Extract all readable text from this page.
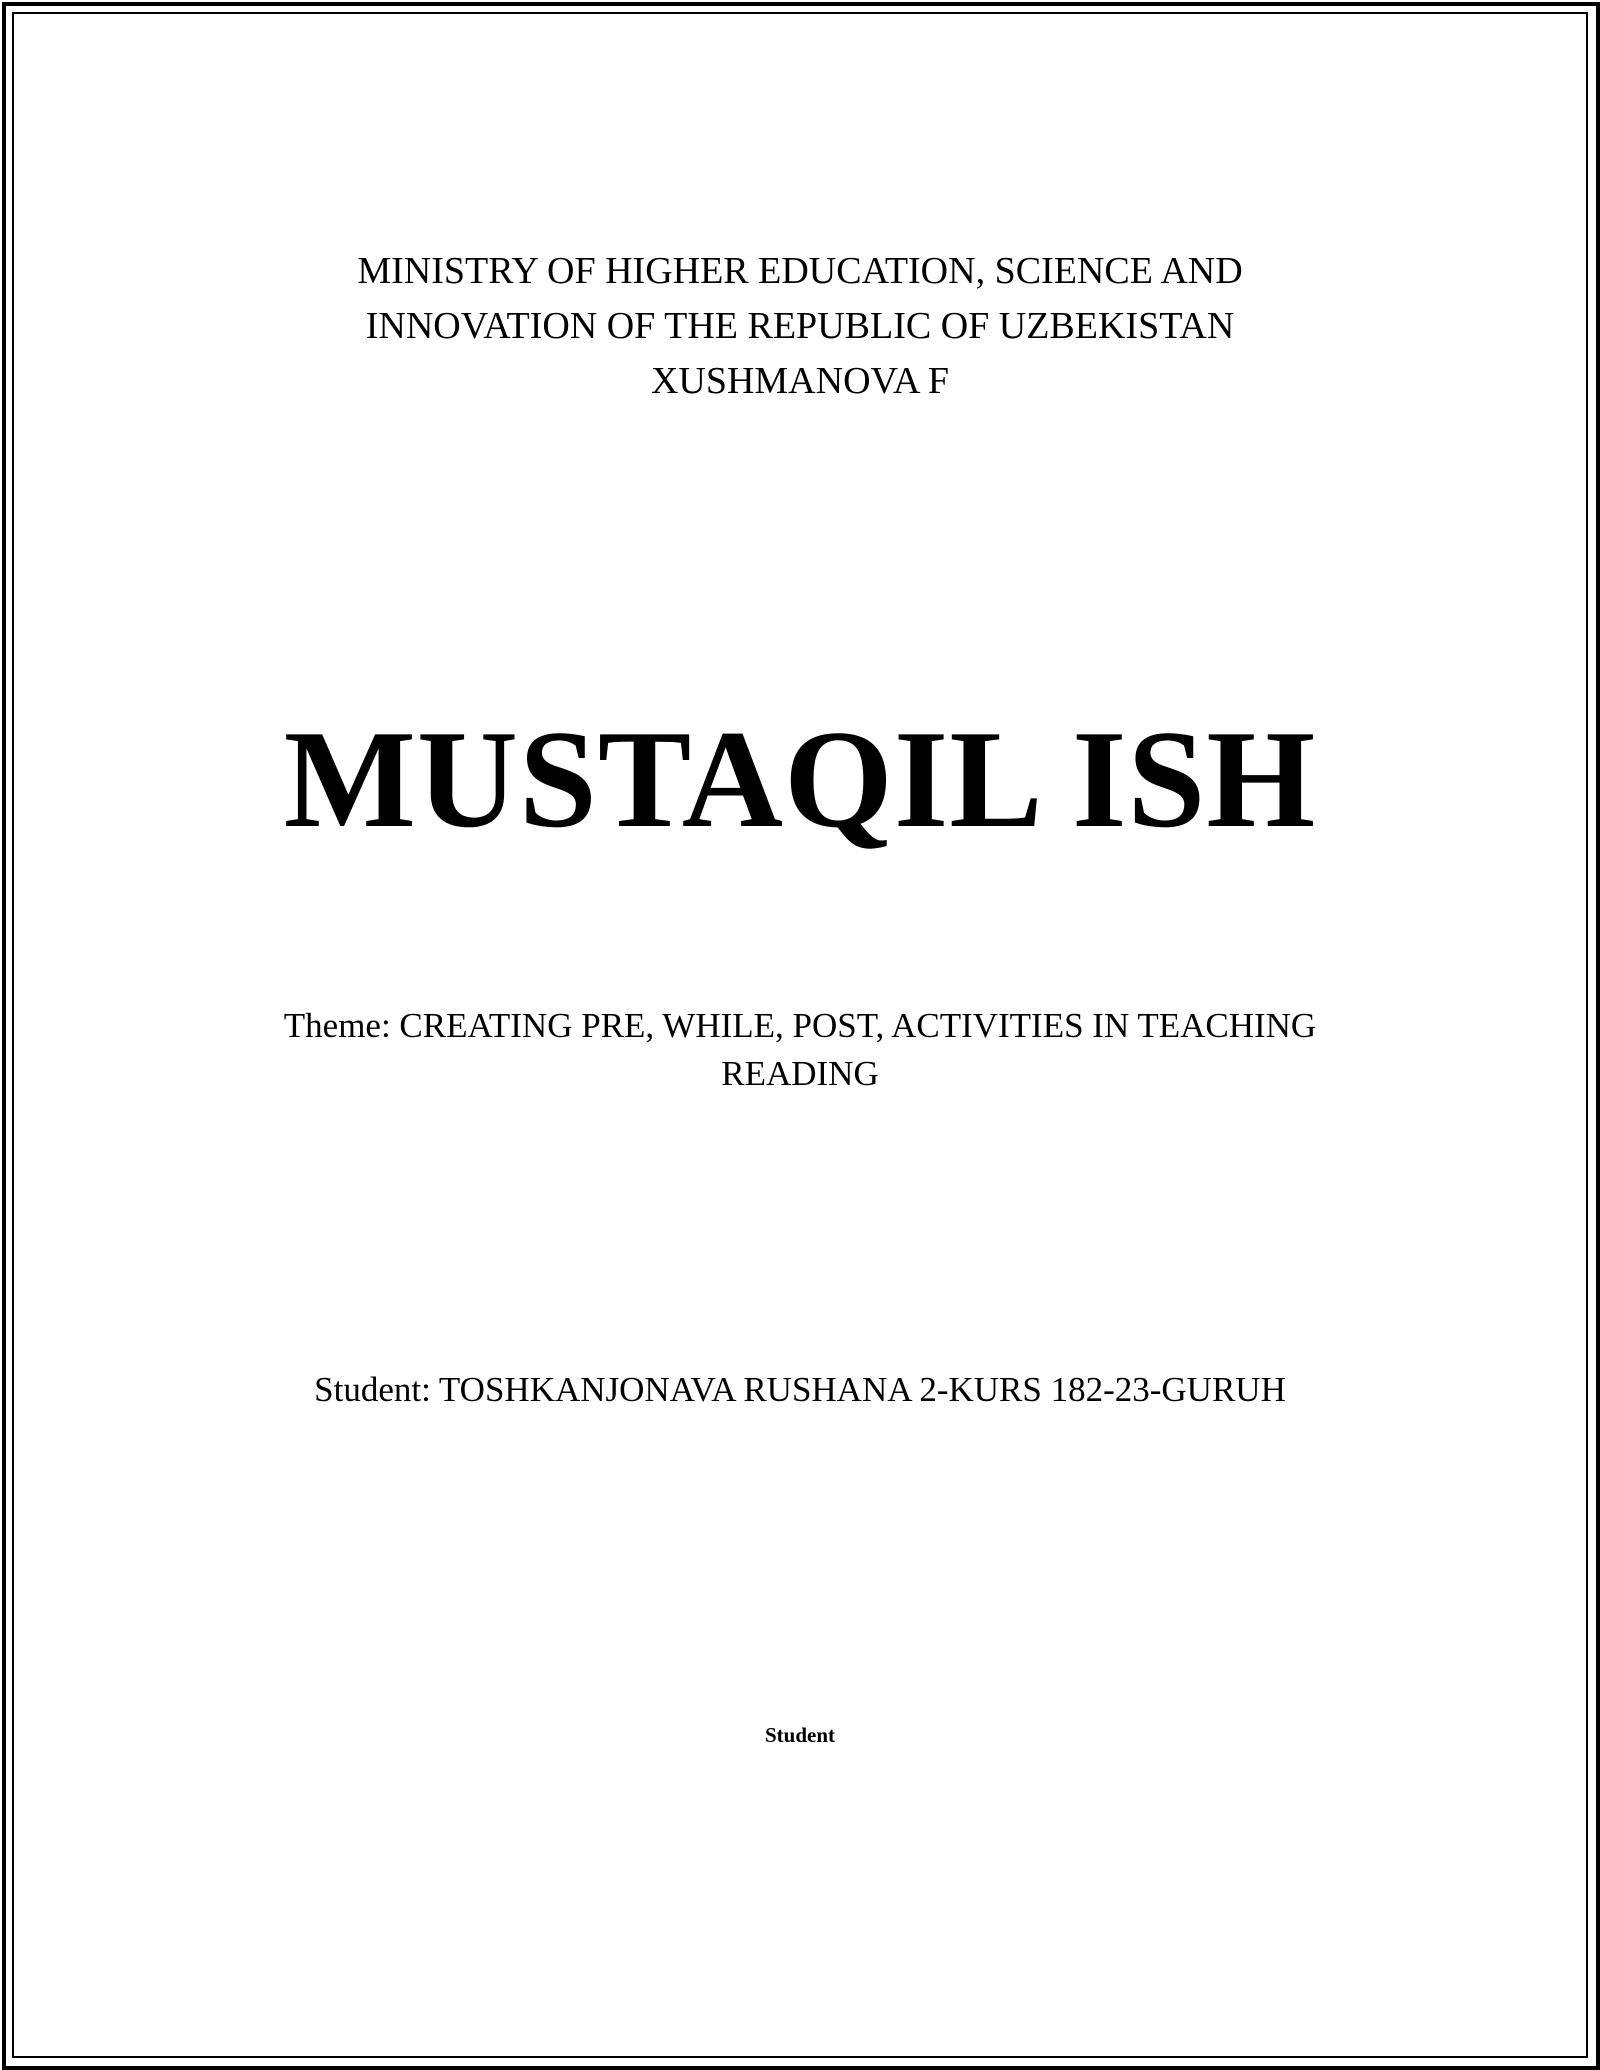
MINISTRY OF HIGHER EDUCATION, SCIENCE AND
INNOVATION OF THE REPUBLIC OF UZBEKISTAN
XUSHMANOVA F
MUSTAQIL ISH
Theme: CREATING PRE, WHILE, POST, ACTIVITIES IN TEACHING READING
Student: TOSHKANJONAVA RUSHANA 2-KURS 182-23-GURUH
Student
